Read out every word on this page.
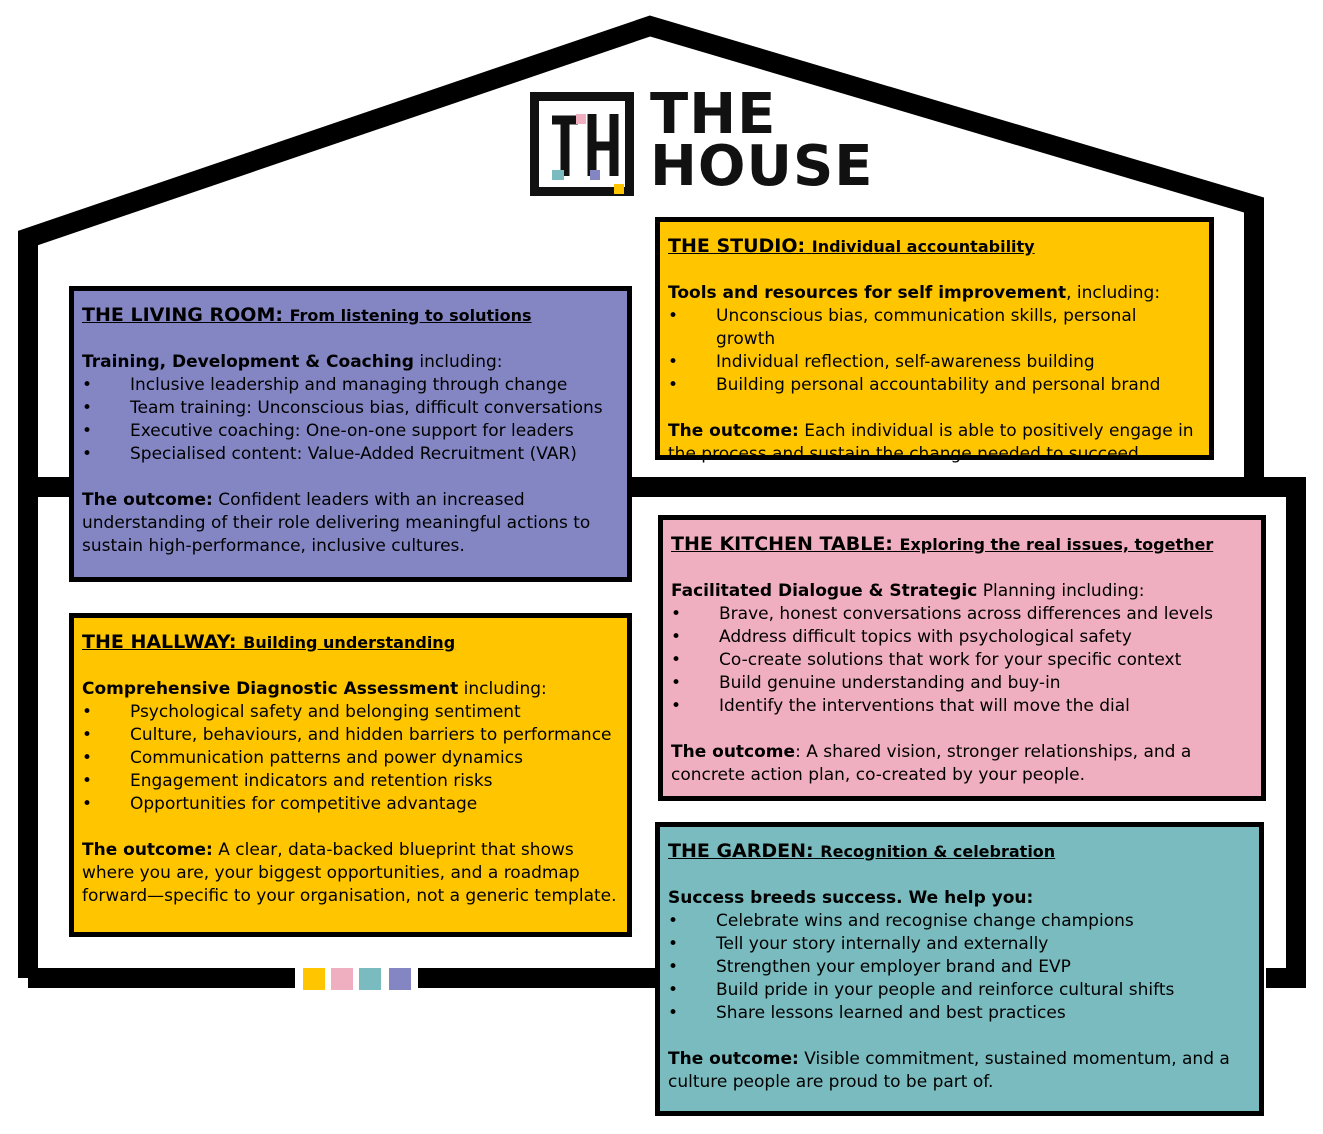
THE
HOUSE
THE LIVING ROOM: From listening to solutions
Training, Development & Coaching including:
• Inclusive leadership and managing through change
• Team training: Unconscious bias, difficult conversations
• Executive coaching: One-on-one support for leaders
• Specialised content: Value-Added Recruitment (VAR)
The outcome: Confident leaders with an increased understanding of their role delivering meaningful actions to sustain high-performance, inclusive cultures.
THE STUDIO: Individual accountability
Tools and resources for self improvement, including:
• Unconscious bias, communication skills, personal growth
• Individual reflection, self-awareness building
• Building personal accountability and personal brand
The outcome: Each individual is able to positively engage in the process and sustain the change needed to succeed.
THE HALLWAY: Building understanding
Comprehensive Diagnostic Assessment including:
• Psychological safety and belonging sentiment
• Culture, behaviours, and hidden barriers to performance
• Communication patterns and power dynamics
• Engagement indicators and retention risks
• Opportunities for competitive advantage
The outcome: A clear, data-backed blueprint that shows where you are, your biggest opportunities, and a roadmap forward—specific to your organisation, not a generic template.
THE KITCHEN TABLE: Exploring the real issues, together
Facilitated Dialogue & Strategic Planning including:
• Brave, honest conversations across differences and levels
• Address difficult topics with psychological safety
• Co-create solutions that work for your specific context
• Build genuine understanding and buy-in
• Identify the interventions that will move the dial
The outcome: A shared vision, stronger relationships, and a concrete action plan, co-created by your people.
THE GARDEN: Recognition & celebration
Success breeds success. We help you:
• Celebrate wins and recognise change champions
• Tell your story internally and externally
• Strengthen your employer brand and EVP
• Build pride in your people and reinforce cultural shifts
• Share lessons learned and best practices
The outcome: Visible commitment, sustained momentum, and a culture people are proud to be part of.
